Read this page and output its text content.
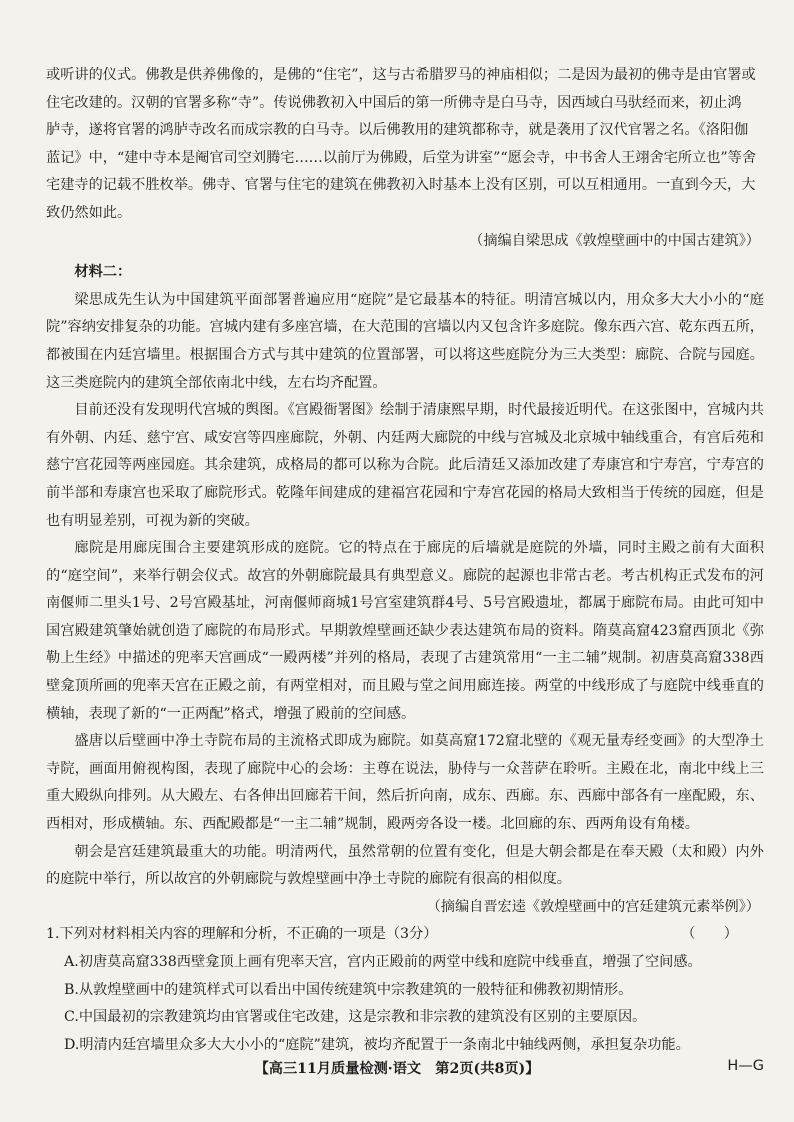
或听讲的仪式。佛教是供养佛像的，是佛的“住宅”，这与古希腊罗马的神庙相似；二是因为最初的佛寺是由官署或

住宅改建的。汉朝的官署多称“寺”。传说佛教初入中国后的第一所佛寺是白马寺，因西域白马驮经而来，初止鸿

胪寺，遂将官署的鸿胪寺改名而成宗教的白马寺。以后佛教用的建筑都称寺，就是袭用了汉代官署之名。《洛阳伽

蓝记》中，“建中寺本是阉官司空刘腾宅……以前厅为佛殿，后堂为讲室”“愿会寺，中书舍人王翊舍宅所立也”等舍

宅建寺的记载不胜枚举。佛寺、官署与住宅的建筑在佛教初入时基本上没有区别，可以互相通用。一直到今天，大

致仍然如此。

（摘编自梁思成《敦煌壁画中的中国古建筑》）

材料二：

梁思成先生认为中国建筑平面部署普遍应用“庭院”是它最基本的特征。明清宫城以内，用众多大大小小的“庭院”容纳安排复杂的功能。宫城内建有多座宫墙，在大范围的宫墙以内又包含许多庭院。像东西六宫、乾东西五所，都被围在内廷宫墙里。根据围合方式与其中建筑的位置部署，可以将这些庭院分为三大类型：廊院、合院与园庭。这三类庭院内的建筑全部依南北中线，左右均齐配置。

目前还没有发现明代宫城的舆图。《宫殿衙署图》绘制于清康熙早期，时代最接近明代。在这张图中，宫城内共有外朝、内廷、慈宁宫、咸安宫等四座廊院，外朝、内廷两大廊院的中线与宫城及北京城中轴线重合，有宫后苑和慈宁宫花园等两座园庭。其余建筑，成格局的都可以称为合院。此后清廷又添加改建了寿康宫和宁寿宫，宁寿宫的前半部和寿康宫也采取了廊院形式。乾隆年间建成的建福宫花园和宁寿宫花园的格局大致相当于传统的园庭，但是也有明显差别，可视为新的突破。

廊院是用廊庑围合主要建筑形成的庭院。它的特点在于廊庑的后墙就是庭院的外墙，同时主殿之前有大面积的“庭空间”，来举行朝会仪式。故宫的外朝廊院最具有典型意义。廊院的起源也非常古老。考古机构正式发布的河南偃师二里头1号、2号宫殿基址，河南偃师商城1号宫室建筑群4号、5号宫殿遗址，都属于廊院布局。由此可知中国宫殿建筑肇始就创造了廊院的布局形式。早期敦煌壁画还缺少表达建筑布局的资料。隋莫高窟423窟西顶北《弥勒上生经》中描述的兜率天宫画成“一殿两楼”并列的格局，表现了古建筑常用“一主二辅”规制。初唐莫高窟338西壁龛顶所画的兜率天宫在正殿之前，有两堂相对，而且殿与堂之间用廊连接。两堂的中线形成了与庭院中线垂直的横轴，表现了新的“一正两配”格式，增强了殿前的空间感。

盛唐以后壁画中净土寺院布局的主流格式即成为廊院。如莫高窟172窟北壁的《观无量寿经变画》的大型净土寺院，画面用俯视构图，表现了廊院中心的会场：主尊在说法，胁侍与一众菩萨在聆听。主殿在北，南北中线上三重大殿纵向排列。从大殿左、右各伸出回廊若干间，然后折向南，成东、西廊。东、西廊中部各有一座配殿，东、西相对，形成横轴。东、西配殿都是“一主二辅”规制，殿两旁各设一楼。北回廊的东、西两角设有角楼。

朝会是宫廷建筑最重大的功能。明清两代，虽然常朝的位置有变化，但是大朝会都是在奉天殿（太和殿）内外的庭院中举行，所以故宫的外朝廊院与敦煌壁画中净土寺院的廊院有很高的相似度。

（摘编自晋宏逵《敦煌壁画中的宫廷建筑元素举例》）

1.下列对材料相关内容的理解和分析，不正确的一项是（3分）	（　　）

A.初唐莫高窟338西壁龛顶上画有兜率天宫，宫内正殿前的两堂中线和庭院中线垂直，增强了空间感。

B.从敦煌壁画中的建筑样式可以看出中国传统建筑中宗教建筑的一般特征和佛教初期情形。

C.中国最初的宗教建筑均由官署或住宅改建，这是宗教和非宗教的建筑没有区别的主要原因。

D.明清内廷宫墙里众多大大小小的“庭院”建筑，被均齐配置于一条南北中轴线两侧，承担复杂功能。

【高三11月质量检测·语文　第2页(共8页)】	H—G
